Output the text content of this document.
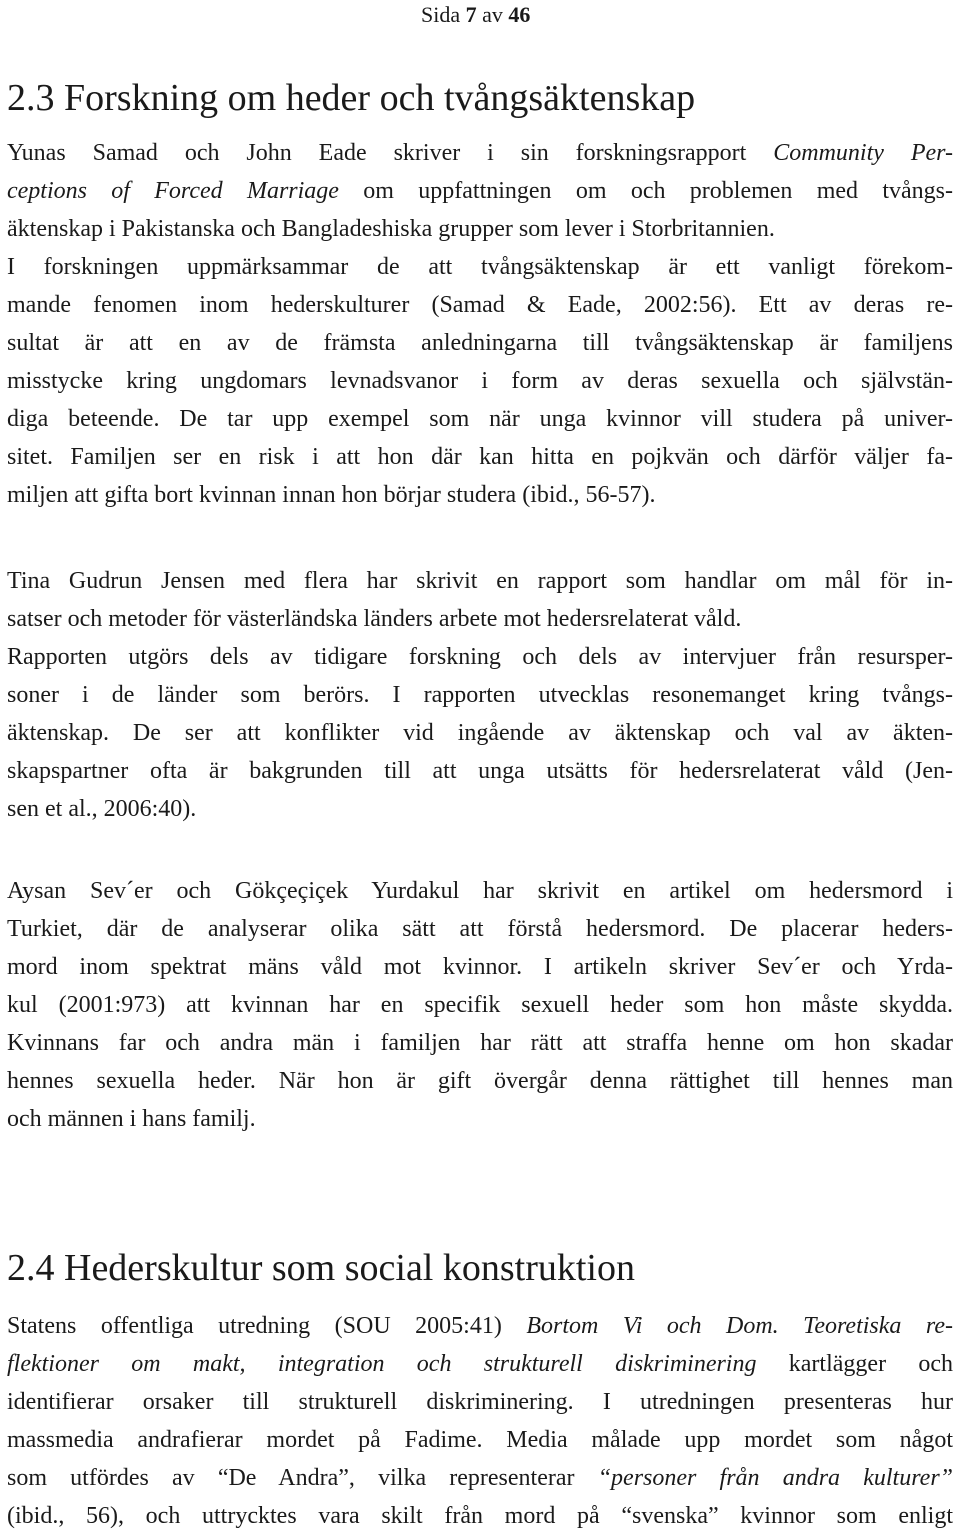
Sida 7 av 46
2.3 Forskning om heder och tvångsäktenskap
Yunas Samad och John Eade skriver i sin forskningsrapport Community Per-
ceptions of Forced Marriage om uppfattningen om och problemen med tvångs-
äktenskap i Pakistanska och Bangladeshiska grupper som lever i Storbritannien.
I forskningen uppmärksammar de att tvångsäktenskap är ett vanligt förekom-
mande fenomen inom hederskulturer (Samad & Eade, 2002:56). Ett av deras re-
sultat är att en av de främsta anledningarna till tvångsäktenskap är familjens
misstycke kring ungdomars levnadsvanor i form av deras sexuella och självstän-
diga beteende. De tar upp exempel som när unga kvinnor vill studera på univer-
sitet. Familjen ser en risk i att hon där kan hitta en pojkvän och därför väljer fa-
miljen att gifta bort kvinnan innan hon börjar studera (ibid., 56-57).
Tina Gudrun Jensen med flera har skrivit en rapport som handlar om mål för in-
satser och metoder för västerländska länders arbete mot hedersrelaterat våld.
Rapporten utgörs dels av tidigare forskning och dels av intervjuer från resursper-
soner i de länder som berörs. I rapporten utvecklas resonemanget kring tvångs-
äktenskap. De ser att konflikter vid ingående av äktenskap och val av äkten-
skapspartner ofta är bakgrunden till att unga utsätts för hedersrelaterat våld (Jen-
sen et al., 2006:40).
Aysan Sev´er och Gökçeçiçek Yurdakul har skrivit en artikel om hedersmord i
Turkiet, där de analyserar olika sätt att förstå hedersmord. De placerar heders-
mord inom spektrat mäns våld mot kvinnor. I artikeln skriver Sev´er och Yrda-
kul (2001:973) att kvinnan har en specifik sexuell heder som hon måste skydda.
Kvinnans far och andra män i familjen har rätt att straffa henne om hon skadar
hennes sexuella heder. När hon är gift övergår denna rättighet till hennes man
och männen i hans familj.
2.4 Hederskultur som social konstruktion
Statens offentliga utredning (SOU 2005:41) Bortom Vi och Dom. Teoretiska re-
flektioner om makt, integration och strukturell diskriminering kartlägger och
identifierar orsaker till strukturell diskriminering. I utredningen presenteras hur
massmedia andrafierar mordet på Fadime. Media målade upp mordet som något
som utfördes av “De Andra”, vilka representerar “personer från andra kulturer”
(ibid., 56), och uttrycktes vara skilt från mord på “svenska” kvinnor som enligt
